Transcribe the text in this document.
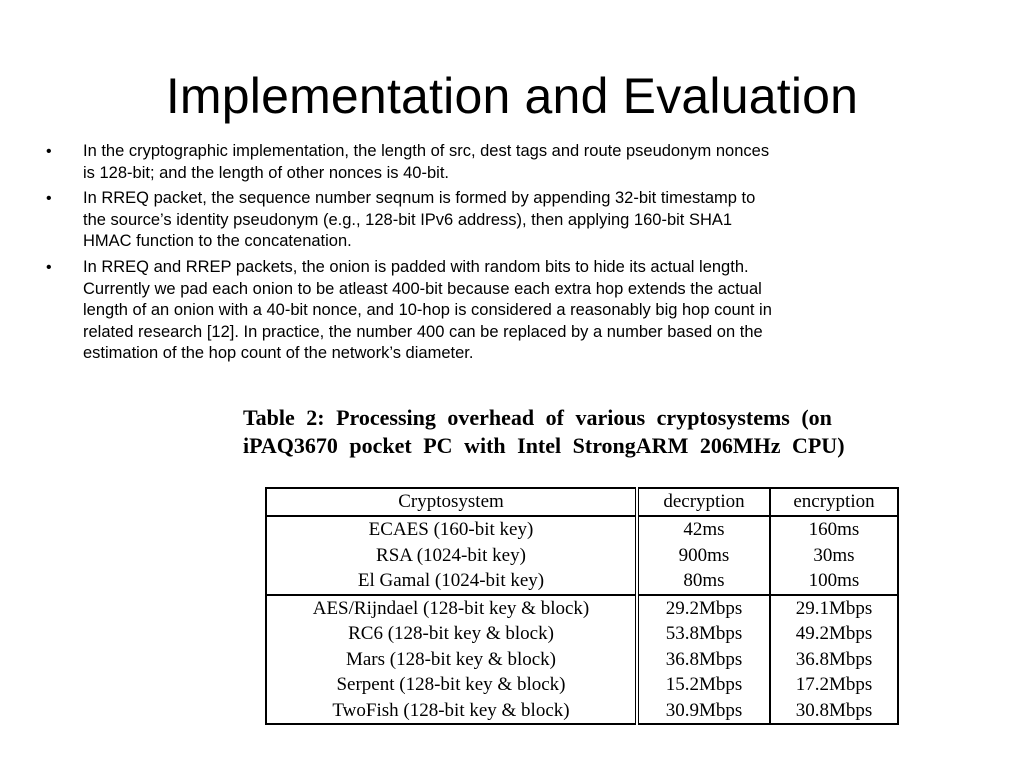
Implementation and Evaluation
• In the cryptographic implementation, the length of src, dest tags and route pseudonym nonces
is 128-bit; and the length of other nonces is 40-bit.
• In RREQ packet, the sequence number seqnum is formed by appending 32-bit timestamp to
the source’s identity pseudonym (e.g., 128-bit IPv6 address), then applying 160-bit SHA1
HMAC function to the concatenation.
• In RREQ and RREP packets, the onion is padded with random bits to hide its actual length.
Currently we pad each onion to be atleast 400-bit because each extra hop extends the actual
length of an onion with a 40-bit nonce, and 10-hop is considered a reasonably big hop count in
related research [12]. In practice, the number 400 can be replaced by a number based on the
estimation of the hop count of the network’s diameter.

Table 2: Processing overhead of various cryptosystems (on
iPAQ3670 pocket PC with Intel StrongARM 206MHz CPU)

Cryptosystem	decryption	encryption
ECAES (160-bit key)	42ms	160ms
RSA (1024-bit key)	900ms	30ms
El Gamal (1024-bit key)	80ms	100ms
AES/Rijndael (128-bit key & block)	29.2Mbps	29.1Mbps
RC6 (128-bit key & block)	53.8Mbps	49.2Mbps
Mars (128-bit key & block)	36.8Mbps	36.8Mbps
Serpent (128-bit key & block)	15.2Mbps	17.2Mbps
TwoFish (128-bit key & block)	30.9Mbps	30.8Mbps
